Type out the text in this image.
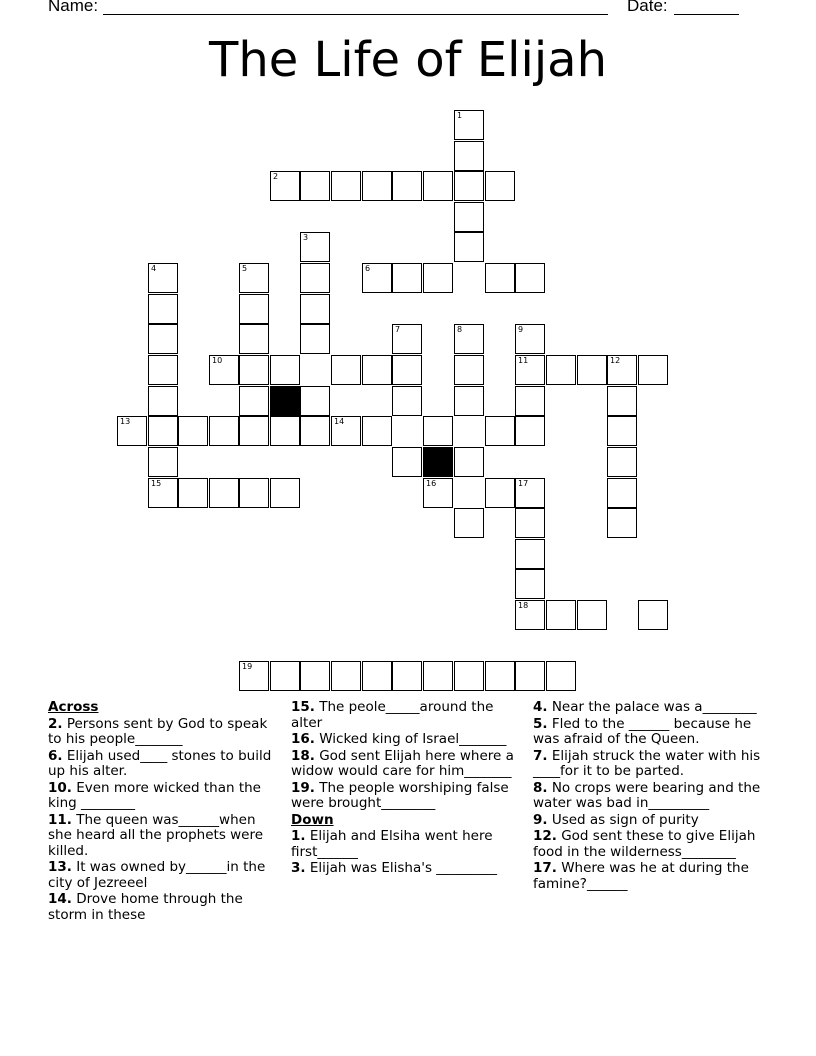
Name:	Date:
The Life of Elijah
1
2
3
4
15
5	6
7	8	9
11
10	12
13	14
16	17
18
19
Across
2. Persons sent by God to speak to his people_______
6. Elijah used____ stones to build up his alter.
10. Even more wicked than the king ________
11. The queen was______when she heard all the prophets were killed.
13. It was owned by______in the city of Jezreeel
14. Drove home through the storm in these
15. The peole_____around the alter
16. Wicked king of Israel_______
18. God sent Elijah here where a widow would care for him_______
19. The people worshiping false were brought________
Down
1. Elijah and Elsiha went here first______
3. Elijah was Elisha's _________
4. Near the palace was a________
5. Fled to the ______ because he was afraid of the Queen.
7. Elijah struck the water with his ____for it to be parted.
8. No crops were bearing and the water was bad in_________
9. Used as sign of purity
12. God sent these to give Elijah food in the wilderness________
17. Where was he at during the famine?______
